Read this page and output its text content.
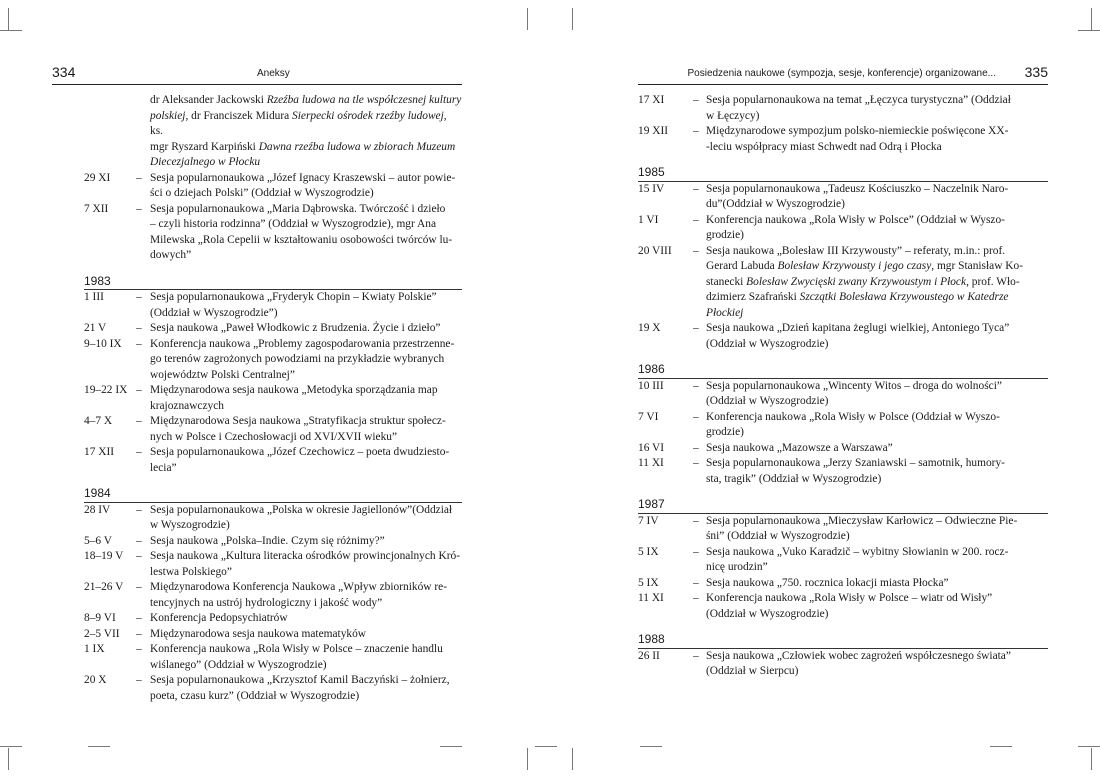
334	Aneksy
dr Aleksander Jackowski Rzeźba ludowa na tle współczesnej kultury
polskiej, dr Franciszek Midura Sierpecki ośrodek rzeźby ludowej, ks.
mgr Ryszard Karpiński Dawna rzeźba ludowa w zbiorach Muzeum
Diecezjalnego w Płocku
29 XI	– Sesja popularnonaukowa „Józef Ignacy Kraszewski – autor powie-
ści o dziejach Polski” (Oddział w Wyszogrodzie)
7 XII	– Sesja popularnonaukowa „Maria Dąbrowska. Twórczość i dzieło
– czyli historia rodzinna” (Oddział w Wyszogrodzie), mgr Ana
Milewska „Rola Cepelii w kształtowaniu osobowości twórców lu-
dowych”
1983
1 III	– Sesja popularnonaukowa „Fryderyk Chopin – Kwiaty Polskie”
(Oddział w Wyszogrodzie”)
21 V	– Sesja naukowa „Paweł Włodkowic z Brudzenia. Życie i dzieło”
9–10 IX	– Konferencja naukowa „Problemy zagospodarowania przestrzenne-
go terenów zagrożonych powodziami na przykładzie wybranych
województw Polski Centralnej”
19–22 IX – Międzynarodowa sesja naukowa „Metodyka sporządzania map
krajoznawczych
4–7 X	– Międzynarodowa Sesja naukowa „Stratyfikacja struktur społecz-
nych w Polsce i Czechosłowacji od XVI/XVII wieku”
17 XII	– Sesja popularnonaukowa „Józef Czechowicz – poeta dwudziesto-
lecia”
1984
28 IV	– Sesja popularnonaukowa „Polska w okresie Jagiellonów”(Oddział
w Wyszogrodzie)
5–6 V	– Sesja naukowa „Polska–Indie. Czym się różnimy?”
18–19 V	– Sesja naukowa „Kultura literacka ośrodków prowincjonalnych Kró-
lestwa Polskiego”
21–26 V	– Międzynarodowa Konferencja Naukowa „Wpływ zbiorników re-
tencyjnych na ustrój hydrologiczny i jakość wody”
8–9 VI	– Konferencja Pedopsychiatrów
2–5 VII	– Międzynarodowa sesja naukowa matematyków
1 IX	– Konferencja naukowa „Rola Wisły w Polsce – znaczenie handlu
wiślanego” (Oddział w Wyszogrodzie)
20 X	– Sesja popularnonaukowa „Krzysztof Kamil Baczyński – żołnierz,
poeta, czasu kurz” (Oddział w Wyszogrodzie)
Posiedzenia naukowe (sympozja, sesje, konferencje) organizowane... 335
17 XI	– Sesja popularnonaukowa na temat „Łęczyca turystyczna” (Oddział
w Łęczycy)
19 XII	– Międzynarodowe sympozjum polsko-niemieckie poświęcone XX-
-leciu współpracy miast Schwedt nad Odrą i Płocka
1985
15 IV	– Sesja popularnonaukowa „Tadeusz Kościuszko – Naczelnik Naro-
du”(Oddział w Wyszogrodzie)
1 VI	– Konferencja naukowa „Rola Wisły w Polsce” (Oddział w Wyszo-
grodzie)
20 VIII	– Sesja naukowa „Bolesław III Krzywousty” – referaty, m.in.: prof.
Gerard Labuda Bolesław Krzywousty i jego czasy, mgr Stanisław Ko-
stanecki Bolesław Zwycięski zwany Krzywoustym i Płock, prof. Wło-
dzimierz Szafrański Szczątki Bolesława Krzywoustego w Katedrze
Płockiej
19 X	– Sesja naukowa „Dzień kapitana żeglugi wielkiej, Antoniego Tyca”
(Oddział w Wyszogrodzie)
1986
10 III	– Sesja popularnonaukowa „Wincenty Witos – droga do wolności”
(Oddział w Wyszogrodzie)
7 VI	– Konferencja naukowa „Rola Wisły w Polsce (Oddział w Wyszo-
grodzie)
16 VI	– Sesja naukowa „Mazowsze a Warszawa”
11 XI	– Sesja popularnonaukowa „Jerzy Szaniawski – samotnik, humory-
sta, tragik” (Oddział w Wyszogrodzie)
1987
7 IV	– Sesja popularnonaukowa „Mieczysław Karłowicz – Odwieczne Pie-
śni” (Oddział w Wyszogrodzie)
5 IX	– Sesja naukowa „Vuko Karadzič – wybitny Słowianin w 200. rocz-
nicę urodzin”
5 IX	– Sesja naukowa „750. rocznica lokacji miasta Płocka”
11 XI	– Konferencja naukowa „Rola Wisły w Polsce – wiatr od Wisły”
(Oddział w Wyszogrodzie)
1988
26 II	– Sesja naukowa „Człowiek wobec zagrożeń współczesnego świata”
(Oddział w Sierpcu)
